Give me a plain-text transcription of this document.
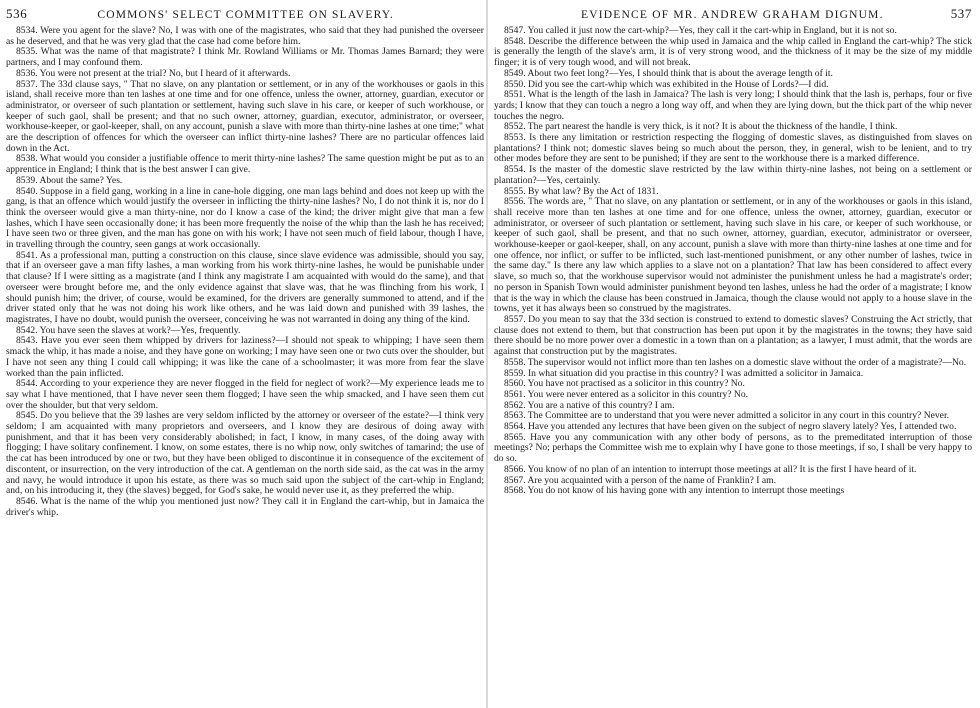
536	COMMONS' SELECT COMMITTEE ON SLAVERY.

8534. Were you agent for the slave? No, I was with one of the magistrates, who said that they had punished the overseer as he deserved, and that he was very glad that the case had come before him.

8535. What was the name of that magistrate? I think Mr. Rowland Williams or Mr. Thomas James Barnard; they were partners, and I may confound them.

8536. You were not present at the trial? No, but I heard of it afterwards.

8537. The 33d clause says, " That no slave, on any plantation or settlement, or in any of the workhouses or gaols in this island, shall receive more than ten lashes at one time and for one offence, unless the owner, attorney, guardian, executor or administrator, or overseer of such plantation or settlement, having such slave in his care, or keeper of such workhouse, or keeper of such gaol, shall be present; and that no such owner, attorney, guardian, executor, administrator, or overseer, workhouse-keeper, or gaol-keeper, shall, on any account, punish a slave with more than thirty-nine lashes at one time;" what are the description of offences for which the overseer can inflict thirty-nine lashes? There are no particular offences laid down in the Act.

8538. What would you consider a justifiable offence to merit thirty-nine lashes? The same question might be put as to an apprentice in England; I think that is the best answer I can give.

8539. About the same? Yes.

8540. Suppose in a field gang, working in a line in cane-hole digging, one man lags behind and does not keep up with the gang, is that an offence which would justify the overseer in inflicting the thirty-nine lashes? No, I do not think it is, nor do I think the overseer would give a man thirty-nine, nor do I know a case of the kind; the driver might give that man a few lashes, which I have seen occasionally done; it has been more frequently the noise of the whip than the lash he has received; I have seen two or three given, and the man has gone on with his work; I have not seen much of field labour, though I have, in travelling through the country, seen gangs at work occasionally.

8541. As a professional man, putting a construction on this clause, since slave evidence was admissible, should you say, that if an overseer gave a man fifty lashes, a man working from his work thirty-nine lashes, he would be punishable under that clause? If I were sitting as a magistrate (and I think any magistrate I am acquainted with would do the same), and that overseer were brought before me, and the only evidence against that slave was, that he was flinching from his work, I should punish him; the driver, of course, would be examined, for the drivers are generally summoned to attend, and if the driver stated only that he was not doing his work like others, and he was laid down and punished with 39 lashes, the magistrates, I have no doubt, would punish the overseer, conceiving he was not warranted in doing any thing of the kind.

8542. You have seen the slaves at work?—Yes, frequently.

8543. Have you ever seen them whipped by drivers for laziness?—I should not speak to whipping; I have seen them smack the whip, it has made a noise, and they have gone on working; I may have seen one or two cuts over the shoulder, but I have not seen any thing I could call whipping; it was like the cane of a schoolmaster; it was more from fear the slave worked than the pain inflicted.

8544. According to your experience they are never flogged in the field for neglect of work?—My experience leads me to say what I have mentioned, that I have never seen them flogged; I have seen the whip smacked, and I have seen them cut over the shoulder, but that very seldom.

8545. Do you believe that the 39 lashes are very seldom inflicted by the attorney or overseer of the estate?—I think very seldom; I am acquainted with many proprietors and overseers, and I know they are desirous of doing away with punishment, and that it has been very considerably abolished; in fact, I know, in many cases, of the doing away with flogging; I have solitary confinement. I know, on some estates, there is no whip now, only switches of tamarind; the use of the cat has been introduced by one or two, but they have been obliged to discontinue it in consequence of the excitement of discontent, or insurrection, on the very introduction of the cat. A gentleman on the north side said, as the cat was in the army and navy, he would introduce it upon his estate, as there was so much said upon the subject of the cart-whip in England; and, on his introducing it, they (the slaves) begged, for God's sake, he would never use it, as they preferred the whip.

8546. What is the name of the whip you mentioned just now? They call it in England the cart-whip, but in Jamaica the driver's whip.

EVIDENCE OF MR. ANDREW GRAHAM DIGNUM.	537

8547. You called it just now the cart-whip?—Yes, they call it the cart-whip in England, but it is not so.

8548. Describe the difference between the whip used in Jamaica and the whip called in England the cart-whip? The stick is generally the length of the slave's arm, it is of very strong wood, and the thickness of it may be the size of my middle finger; it is of very tough wood, and will not break.

8549. About two feet long?—Yes, I should think that is about the average length of it.

8550. Did you see the cart-whip which was exhibited in the House of Lords?—I did.

8551. What is the length of the lash in Jamaica? The lash is very long; I should think that the lash is, perhaps, four or five yards; I know that they can touch a negro a long way off, and when they are lying down, but the thick part of the whip never touches the negro.

8552. The part nearest the handle is very thick, is it not? It is about the thickness of the handle, I think.

8553. Is there any limitation or restriction respecting the flogging of domestic slaves, as distinguished from slaves on plantations? I think not; domestic slaves being so much about the person, they, in general, wish to be lenient, and to try other modes before they are sent to be punished; if they are sent to the workhouse there is a marked difference.

8554. Is the master of the domestic slave restricted by the law within thirty-nine lashes, not being on a settlement or plantation?—Yes, certainly.

8555. By what law? By the Act of 1831.

8556. The words are, " That no slave, on any plantation or settlement, or in any of the workhouses or gaols in this island, shall receive more than ten lashes at one time and for one offence, unless the owner, attorney, guardian, executor or administrator, or overseer of such plantation or settlement, having such slave in his care, or keeper of such workhouse, or keeper of such gaol, shall be present, and that no such owner, attorney, guardian, executor, administrator or overseer, workhouse-keeper or gaol-keeper, shall, on any account, punish a slave with more than thirty-nine lashes at one time and for one offence, nor inflict, or suffer to be inflicted, such last-mentioned punishment, or any other number of lashes, twice in the same day." Is there any law which applies to a slave not on a plantation? That law has been considered to affect every slave, so much so, that the workhouse supervisor would not administer the punishment unless he had a magistrate's order; no person in Spanish Town would administer punishment beyond ten lashes, unless he had the order of a magistrate; I know that is the way in which the clause has been construed in Jamaica, though the clause would not apply to a house slave in the towns, yet it has always been so construed by the magistrates.

8557. Do you mean to say that the 33d section is construed to extend to domestic slaves? Construing the Act strictly, that clause does not extend to them, but that construction has been put upon it by the magistrates in the towns; they have said there should be no more power over a domestic in a town than on a plantation; as a lawyer, I must admit, that the words are against that construction put by the magistrates.

8558. The supervisor would not inflict more than ten lashes on a domestic slave without the order of a magistrate?—No.

8559. In what situation did you practise in this country? I was admitted a solicitor in Jamaica.

8560. You have not practised as a solicitor in this country? No.

8561. You were never entered as a solicitor in this country? No.

8562. You are a native of this country? I am.

8563. The Committee are to understand that you were never admitted a solicitor in any court in this country? Never.

8564. Have you attended any lectures that have been given on the subject of negro slavery lately? Yes, I attended two.

8565. Have you any communication with any other body of persons, as to the premeditated interruption of those meetings? No; perhaps the Committee wish me to explain why I have gone to those meetings, if so, I shall be very happy to do so.

8566. You know of no plan of an intention to interrupt those meetings at all? It is the first I have heard of it.

8567. Are you acquainted with a person of the name of Franklin? I am.

8568. You do not know of his having gone with any intention to interrupt those meetings
